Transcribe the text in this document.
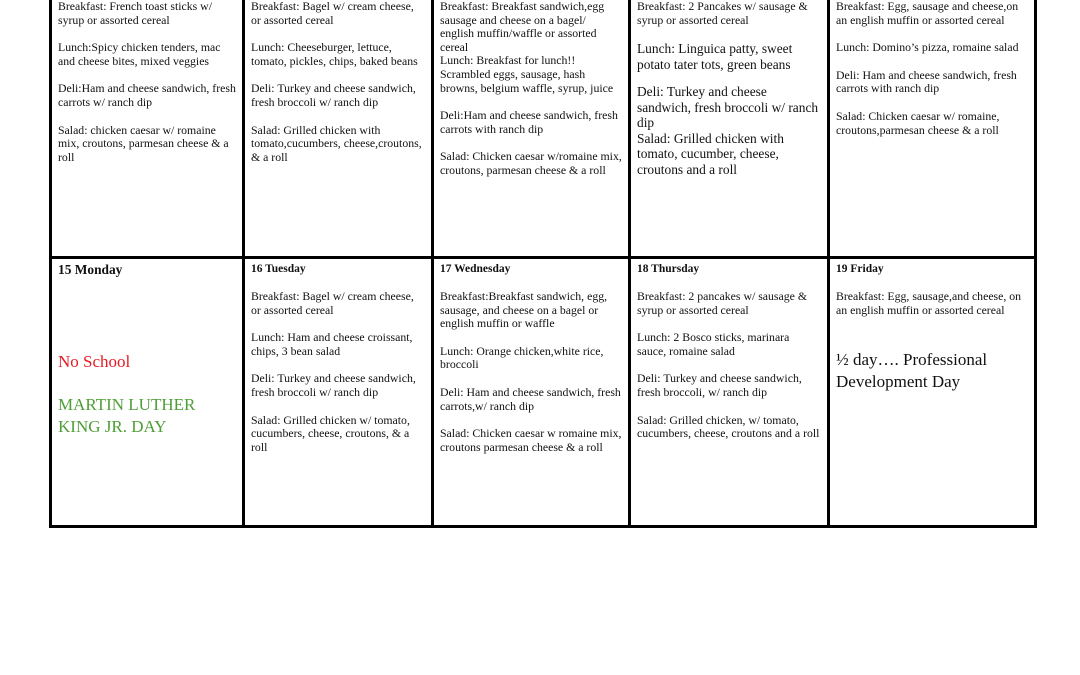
Breakfast: French toast sticks w/ syrup or assorted cereal

Lunch:Spicy chicken tenders, mac and cheese bites, mixed veggies

Deli:Ham and cheese sandwich, fresh carrots w/ ranch dip

Salad: chicken caesar w/ romaine mix, croutons, parmesan cheese & a roll

Breakfast: Bagel w/ cream cheese, or assorted cereal

Lunch: Cheeseburger, lettuce, tomato, pickles, chips, baked beans

Deli: Turkey and cheese sandwich, fresh broccoli w/ ranch dip

Salad: Grilled chicken with tomato,cucumbers, cheese,croutons, & a roll

Breakfast: Breakfast sandwich,egg sausage and cheese on a bagel/ english muffin/waffle or assorted cereal

Lunch: Breakfast for lunch!! Scrambled eggs, sausage, hash browns, belgium waffle, syrup, juice

Deli:Ham and cheese sandwich, fresh carrots with ranch dip

Salad: Chicken caesar w/romaine mix, croutons, parmesan cheese & a roll

Breakfast: 2 Pancakes w/ sausage & syrup or assorted cereal

Lunch: Linguica patty, sweet potato tater tots, green beans

Deli: Turkey and cheese sandwich, fresh broccoli w/ ranch dip

Salad: Grilled chicken with tomato, cucumber, cheese, croutons and a roll

Breakfast: Egg, sausage and cheese,on an english muffin or assorted cereal

Lunch: Domino’s pizza, romaine salad

Deli: Ham and cheese sandwich, fresh carrots with ranch dip

Salad: Chicken caesar w/ romaine, croutons,parmesan cheese & a roll

15 Monday

No School

MARTIN LUTHER KING JR. DAY

16 Tuesday

Breakfast: Bagel w/ cream cheese, or assorted cereal

Lunch: Ham and cheese croissant, chips, 3 bean salad

Deli: Turkey and cheese sandwich, fresh broccoli w/ ranch dip

Salad: Grilled chicken w/ tomato, cucumbers, cheese, croutons, & a roll

17 Wednesday

Breakfast:Breakfast sandwich, egg, sausage, and cheese on a bagel or english muffin or waffle

Lunch: Orange chicken,white rice, broccoli

Deli: Ham and cheese sandwich, fresh carrots,w/ ranch dip

Salad: Chicken caesar w romaine mix, croutons parmesan cheese & a roll

18 Thursday

Breakfast: 2 pancakes w/ sausage & syrup or assorted cereal

Lunch: 2 Bosco sticks, marinara sauce, romaine salad

Deli: Turkey and cheese sandwich, fresh broccoli, w/ ranch dip

Salad: Grilled chicken, w/ tomato, cucumbers, cheese, croutons and a roll

19 Friday

Breakfast: Egg, sausage,and cheese, on an english muffin or assorted cereal

½ day…. Professional Development Day
